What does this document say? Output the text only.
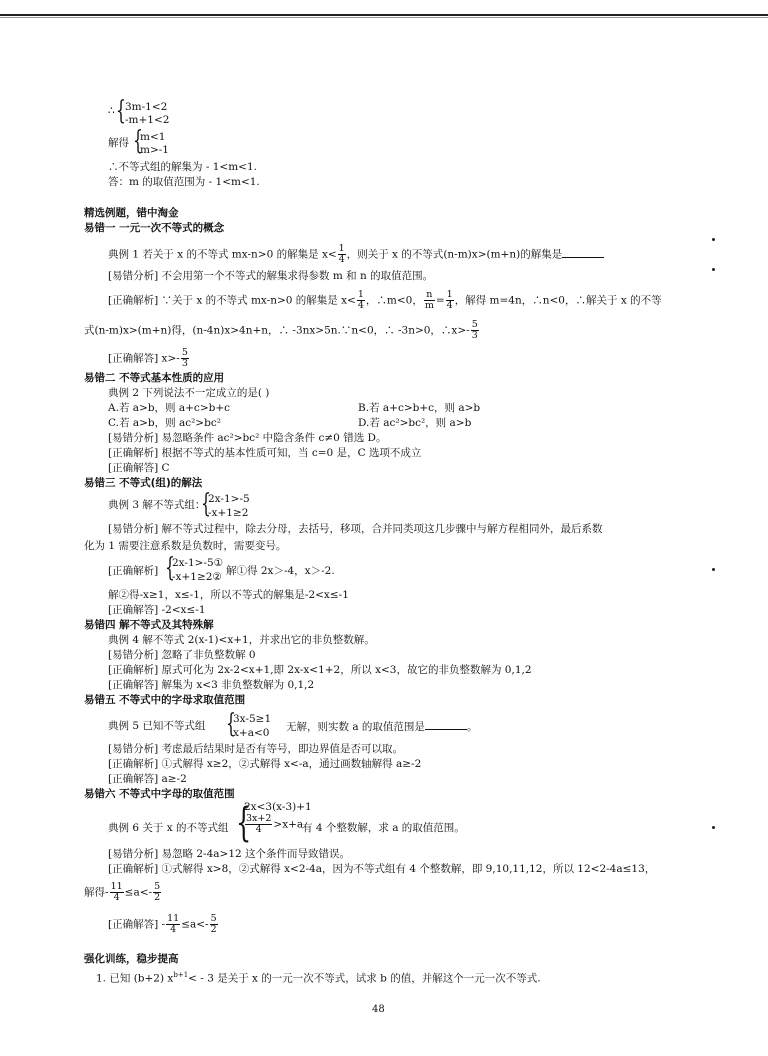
∴ { 3m-1<2
-m+1<2
解得 {
m<1
m>-1
∴不等式组的解集为 - 1<m<1.
答：m 的取值范围为 - 1<m<1.
精选例题，错中淘金
易错一 一元一次不等式的概念
典例 1 若关于 x 的不等式 mx-n>0 的解集是 $x< \frac{1}{4}$ ，则关于 x 的不等式(n-m)x>(m+n)的解集是
[易错分析] 不会用第一个不等式的解集求得参数 m 和 n 的取值范围。
[正确解析] ∵关于 x 的不等式 mx-n>0 的解集是 $x< \frac{1}{4}$ ，∴m<0， $\frac{n}{m} = \frac{1}{4}$ ，解得 m=4n，∴n<0，∴解关于 x 的不等
式(n-m)x>(m+n)得，(n-4n)x>4n+n，∴ -3nx>5n.∵n<0，∴ -3n>0，∴x>- $\frac{5}{3}$
[正确解答] $x>- \frac{5}{3}$
易错二 不等式基本性质的应用
典例 2 下列说法不一定成立的是( )
A.若 a>b，则 a+c>b+c	B.若 a+c>b+c，则 a>b
C.若 a>b，则 ac²>bc²	D.若 ac²>bc²，则 a>b
[易错分析] 易忽略条件 ac²>bc² 中隐含条件 c≠0 错选 D。
[正确解析] 根据不等式的基本性质可知，当 c=0 是，C 选项不成立
[正确解答] C
易错三 不等式(组)的解法
典例 3 解不等式组：
{
2x-1>-5
-x+1≥2
[易错分析] 解不等式过程中，除去分母，去括号，移项，合并同类项这几步骤中与解方程相同外，最后系数
化为 1 需要注意系数是负数时，需要变号。
[正确解析] {
2x-1>-5①
-x+1≥2② 解①得 2x＞-4，x＞-2.
解②得-x≥1，x≤-1，所以不等式的解集是-2<x≤-1
[正确解答] -2<x≤-1
易错四 解不等式及其特殊解
典例 4 解不等式 2(x-1)<x+1，并求出它的非负整数解。
[易错分析] 忽略了非负整数解 0
[正确解析] 原式可化为 2x-2<x+1,即 2x-x<1+2，所以 x<3，故它的非负整数解为 0,1,2
[正确解答] 解集为 x<3 非负整数解为 0,1,2
易错五 不等式中的字母求取值范围
典例 5 已知不等式组 {
3x-5≥1
x+a<0 无解，则实数 a 的取值范围是	。
[易错分析] 考虑最后结果时是否有等号，即边界值是否可以取。
[正确解析] ①式解得 x≥2，②式解得 x<-a，通过画数轴解得 a≥-2
[正确解答] a≥-2
易错六 不等式中字母的取值范围
典例 6 关于 x 的不等式组 {
2x<3(x-3)+1
$\frac{3x+2}{4} >x+a$
有 4 个整数解，求 a 的取值范围。
[易错分析] 易忽略 2-4a>12 这个条件而导致错误。
[正确解析] ①式解得 x>8，②式解得 x<2-4a，因为不等式组有 4 个整数解，即 9,10,11,12，所以 12<2-4a≤13，
解得- $\frac{11}{4} \le a<- \frac{5}{2}$
[正确解答] - $\frac{11}{4} \le a<- \frac{5}{2}$
强化训练，稳步提高
1. 已知 (b+2) $x^{b+1}< - 3$ 是关于 x 的一元一次不等式，试求 b 的值，并解这个一元一次不等式.
48
